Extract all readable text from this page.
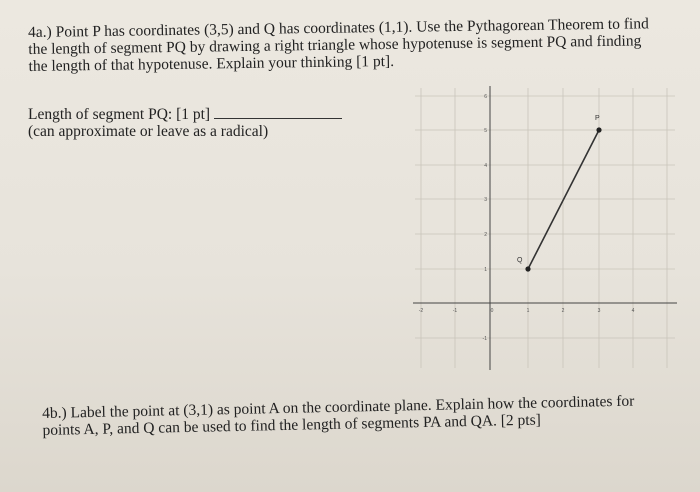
4a.) Point P has coordinates (3,5) and Q has coordinates (1,1). Use the Pythagorean Theorem to find the length of segment PQ by drawing a right triangle whose hypotenuse is segment PQ and finding the length of that hypotenuse. Explain your thinking [1 pt].
Length of segment PQ: [1 pt]
(can approximate or leave as a radical)
-2	-1	0	1	2	3	4
6
5
4
3
2
1
-1
P
Q
4b.) Label the point at (3,1) as point A on the coordinate plane. Explain how the coordinates for points A, P, and Q can be used to find the length of segments PA and QA. [2 pts]
